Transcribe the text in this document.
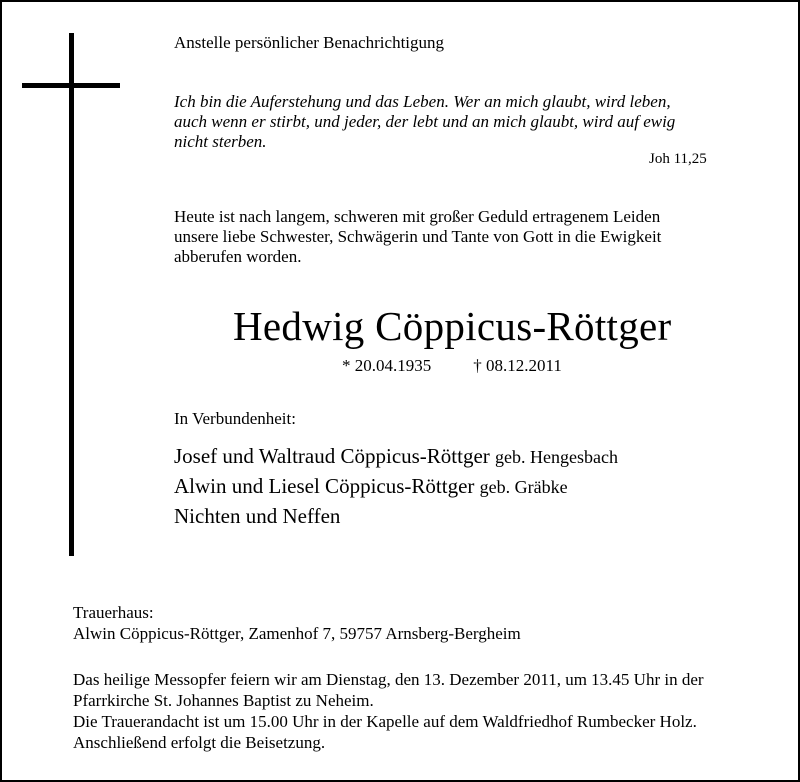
Anstelle persönlicher Benachrichtigung
Ich bin die Auferstehung und das Leben. Wer an mich glaubt, wird leben,
auch wenn er stirbt, und jeder, der lebt und an mich glaubt, wird auf ewig
nicht sterben.
Joh 11,25
Heute ist nach langem, schweren mit großer Geduld ertragenem Leiden
unsere liebe Schwester, Schwägerin und Tante von Gott in die Ewigkeit
abberufen worden.
Hedwig Cöppicus-Röttger
* 20.04.1935 † 08.12.2011
In Verbundenheit:
Josef und Waltraud Cöppicus-Röttger geb. Hengesbach
Alwin und Liesel Cöppicus-Röttger geb. Gräbke
Nichten und Neffen
Trauerhaus:
Alwin Cöppicus-Röttger, Zamenhof 7, 59757 Arnsberg-Bergheim
Das heilige Messopfer feiern wir am Dienstag, den 13. Dezember 2011, um 13.45 Uhr in der
Pfarrkirche St. Johannes Baptist zu Neheim.
Die Trauerandacht ist um 15.00 Uhr in der Kapelle auf dem Waldfriedhof Rumbecker Holz.
Anschließend erfolgt die Beisetzung.
